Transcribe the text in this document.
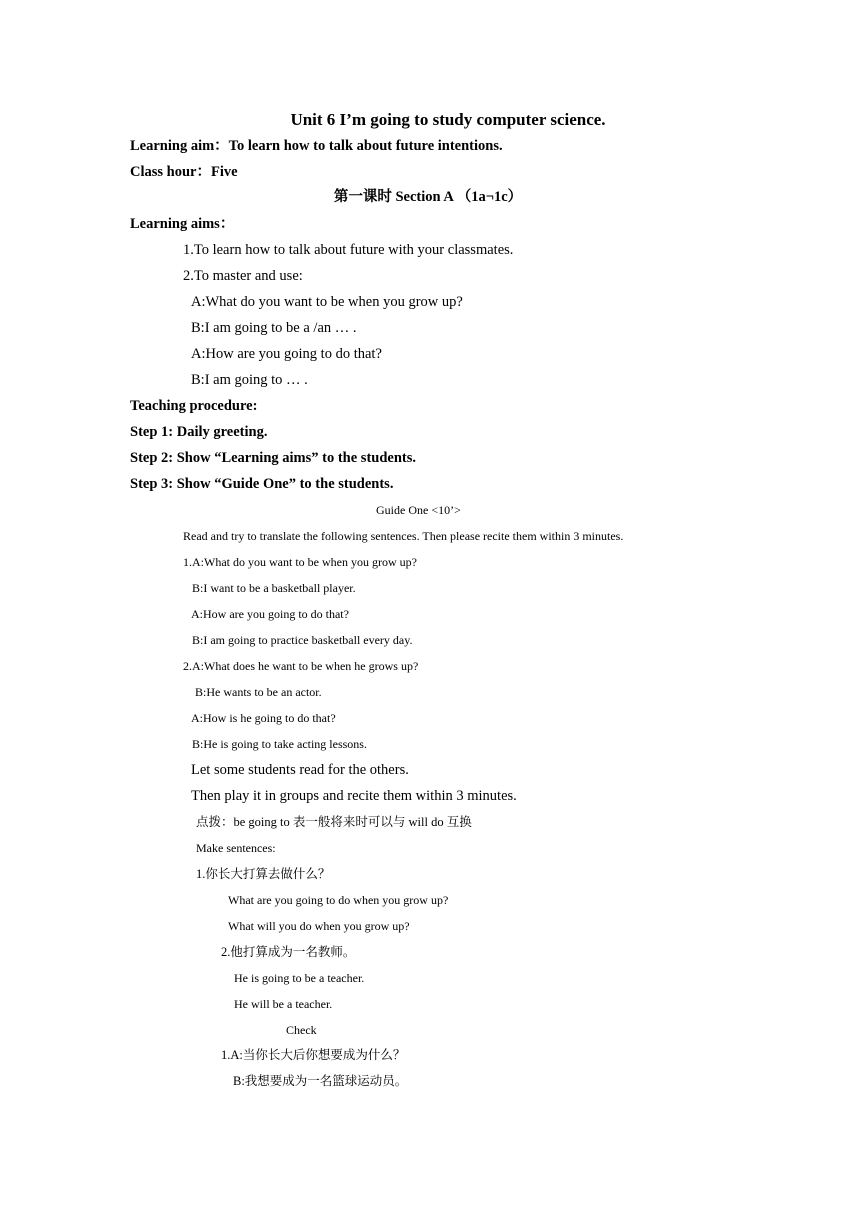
Unit 6 I’m going to study computer science.
Learning aim：To learn how to talk about future intentions.
Class hour：Five
第一课时 Section A （1a¬1c）
Learning aims：
1.To learn how to talk about future with your classmates.
2.To master and use:
A:What do you want to be when you grow up?
B:I am going to be a /an … .
A:How are you going to do that?
B:I am going to … .
Teaching procedure:
Step 1: Daily greeting.
Step 2: Show “Learning aims” to the students.
Step 3: Show “Guide One” to the students.
Guide One <10’>
Read and try to translate the following sentences. Then please recite them within 3 minutes.
1.A:What do you want to be when you grow up?
B:I want to be a basketball player.
A:How are you going to do that?
B:I am going to practice basketball every day.
2.A:What does he want to be when he grows up?
B:He wants to be an actor.
A:How is he going to do that?
B:He is going to take acting lessons.
Let some students read for the others.
Then play it in groups and recite them within 3 minutes.
点拨：be going to 表一般将来时可以与 will do 互换
Make sentences:
1.你长大打算去做什么？
What are you going to do when you grow up?
What will you do when you grow up?
2.他打算成为一名教师。
He is going to be a teacher.
He will be a teacher.
Check
1.A:当你长大后你想要成为什么？
B:我想要成为一名篮球运动员。
